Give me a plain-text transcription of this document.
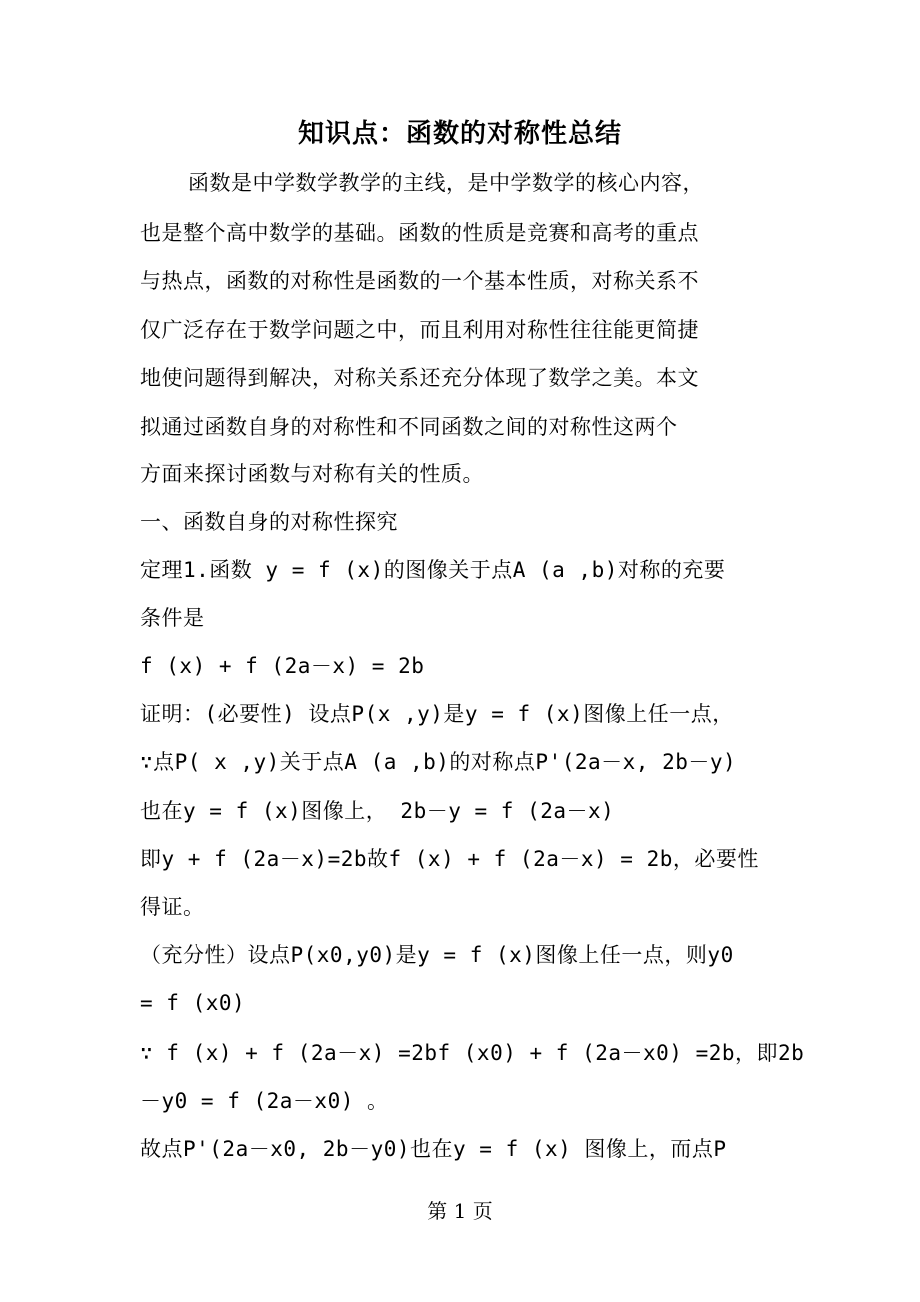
知识点：函数的对称性总结
函数是中学数学教学的主线，是中学数学的核心内容，
也是整个高中数学的基础。函数的性质是竞赛和高考的重点
与热点，函数的对称性是函数的一个基本性质，对称关系不
仅广泛存在于数学问题之中，而且利用对称性往往能更简捷
地使问题得到解决，对称关系还充分体现了数学之美。本文
拟通过函数自身的对称性和不同函数之间的对称性这两个
方面来探讨函数与对称有关的性质。
一、函数自身的对称性探究
定理1.函数 y = f (x)的图像关于点A (a ,b)对称的充要
条件是
f (x) + f (2a－x) = 2b
证明：(必要性) 设点P(x ,y)是y = f (x)图像上任一点，
∵点P( x ,y)关于点A (a ,b)的对称点P'(2a－x, 2b－y)
也在y = f (x)图像上， 2b－y = f (2a－x)
即y + f (2a－x)=2b故f (x) + f (2a－x) = 2b，必要性
得证。
（充分性）设点P(x0,y0)是y = f (x)图像上任一点，则y0
= f (x0)
∵ f (x) + f (2a－x) =2bf (x0) + f (2a－x0) =2b，即2b
－y0 = f (2a－x0) 。
故点P'(2a－x0, 2b－y0)也在y = f (x) 图像上，而点P
第 1 页
